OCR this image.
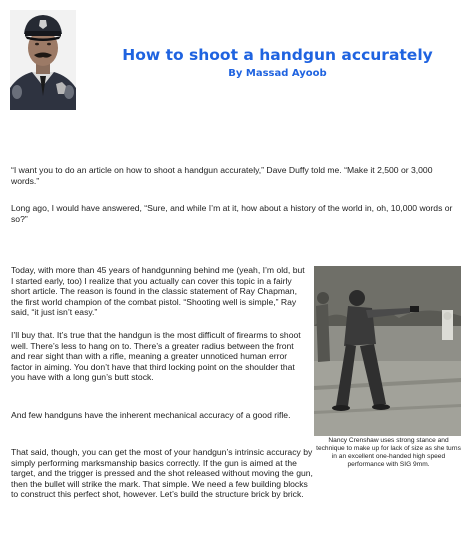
How to shoot a handgun accurately

By Massad Ayoob

“I want you to do an article on how to shoot a handgun accurately,” Dave Duffy told me. “Make it 2,500 or 3,000 words.”

Long ago, I would have answered, “Sure, and while I’m at it, how about a history of the world in, oh, 10,000 words or so?”

Today, with more than 45 years of handgunning behind me (yeah, I’m old, but I started early, too) I realize that you actually can cover this topic in a fairly short article. The reason is found in the classic statement of Ray Chapman, the first world champion of the combat pistol. “Shooting well is simple,” Ray said, “it just isn’t easy.”

I’ll buy that. It’s true that the handgun is the most difficult of firearms to shoot well. There’s less to hang on to. There’s a greater radius between the front and rear sight than with a rifle, meaning a greater unnoticed human error factor in aiming. You don’t have that third locking point on the shoulder that you have with a long gun’s butt stock.

And few handguns have the inherent mechanical accuracy of a good rifle.

That said, though, you can get the most of your handgun’s intrinsic accuracy by simply performing marksmanship basics correctly. If the gun is aimed at the target, and the trigger is pressed and the shot released without moving the gun, then the bullet will strike the mark. That simple. We need a few building blocks to construct this perfect shot, however. Let’s build the structure brick by brick.

Nancy Crenshaw uses strong stance and technique to make up for lack of size as she turns in an excellent one-handed high speed performance with SIG 9mm.
